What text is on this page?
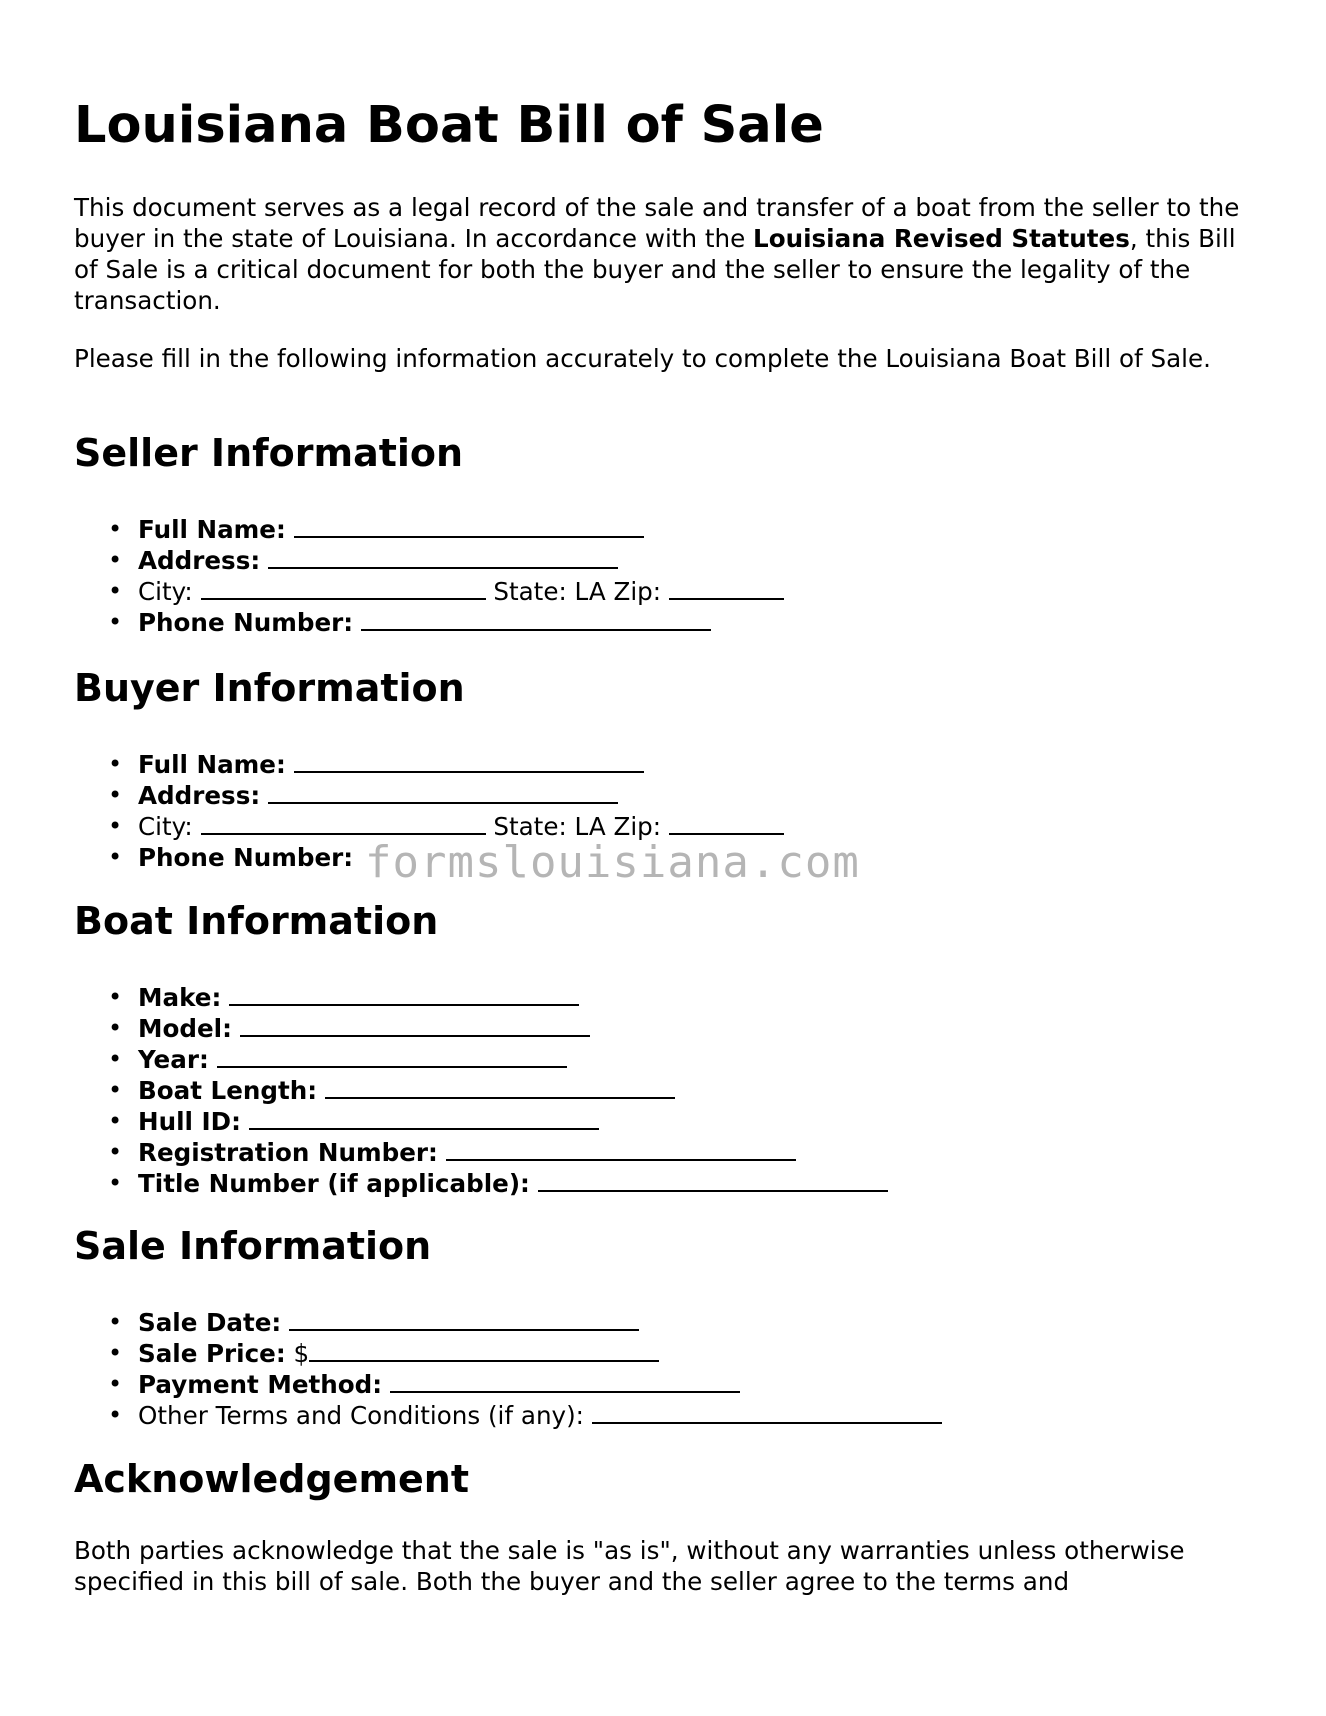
Louisiana Boat Bill of Sale

This document serves as a legal record of the sale and transfer of a boat from the seller to the buyer in the state of Louisiana. In accordance with the Louisiana Revised Statutes, this Bill of Sale is a critical document for both the buyer and the seller to ensure the legality of the transaction.

Please fill in the following information accurately to complete the Louisiana Boat Bill of Sale.

Seller Information
• Full Name:
• Address:
• City:	State: LA Zip:
• Phone Number:
Buyer Information
• Full Name:
• Address:
• City:	State: LA Zip:
• Phone Number:
Boat Information
• Make:
• Model:
• Year:
• Boat Length:
• Hull ID:
• Registration Number:
• Title Number (if applicable):
Sale Information
• Sale Date:
• Sale Price: $
• Payment Method:
• Other Terms and Conditions (if any):
Acknowledgement

Both parties acknowledge that the sale is "as is", without any warranties unless otherwise specified in this bill of sale. Both the buyer and the seller agree to the terms and

formslouisiana.com
